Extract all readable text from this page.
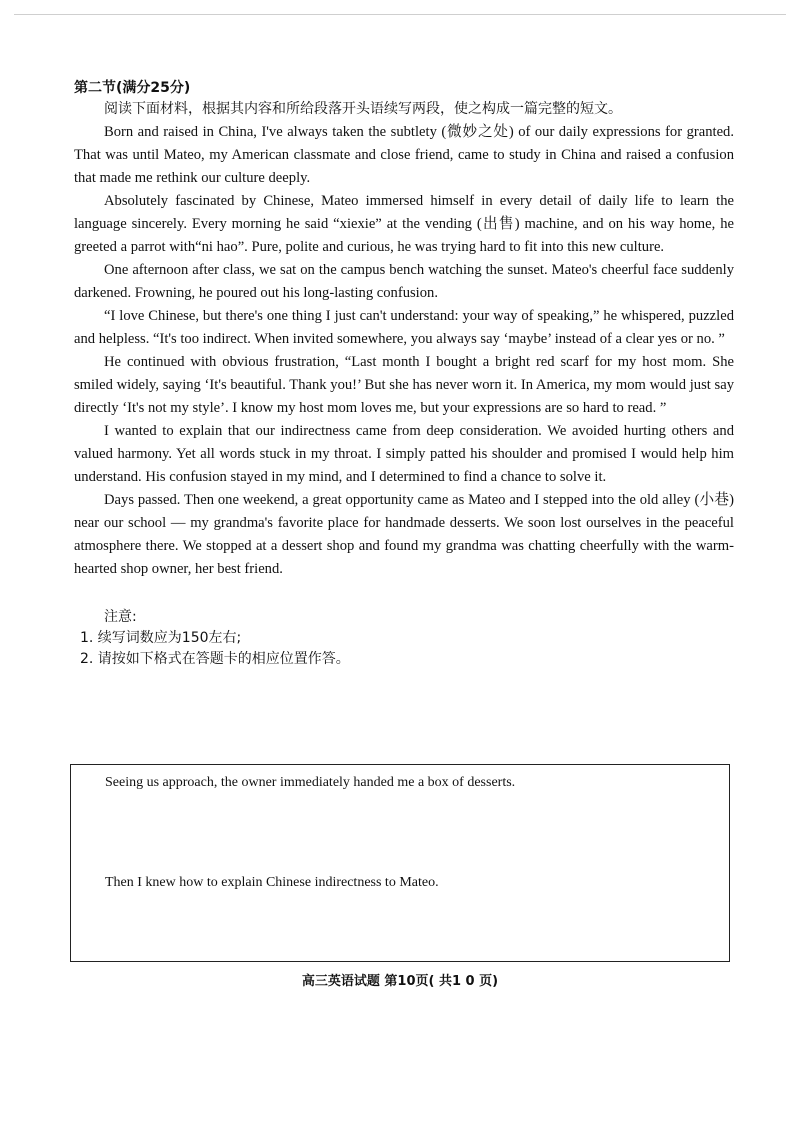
第二节(满分25分)

阅读下面材料，根据其内容和所给段落开头语续写两段，使之构成一篇完整的短文。

Born and raised in China, I've always taken the subtlety (微妙之处) of our daily expressions for granted. That was until Mateo, my American classmate and close friend, came to study in China and raised a confusion that made me rethink our culture deeply.

Absolutely fascinated by Chinese, Mateo immersed himself in every detail of daily life to learn the language sincerely. Every morning he said “xiexie” at the vending (出售) machine, and on his way home, he greeted a parrot with“ni hao”. Pure, polite and curious, he was trying hard to fit into this new culture.

One afternoon after class, we sat on the campus bench watching the sunset. Mateo's cheerful face suddenly darkened. Frowning, he poured out his long-lasting confusion.

“I love Chinese, but there's one thing I just can't understand: your way of speaking,” he whispered, puzzled and helpless. “It's too indirect. When invited somewhere, you always say ‘maybe’ instead of a clear yes or no. ”

He continued with obvious frustration, “Last month I bought a bright red scarf for my host mom. She smiled widely, saying ‘It's beautiful. Thank you!’ But she has never worn it. In America, my mom would just say directly ‘It's not my style’. I know my host mom loves me, but your expressions are so hard to read. ”

I wanted to explain that our indirectness came from deep consideration. We avoided hurting others and valued harmony. Yet all words stuck in my throat. I simply patted his shoulder and promised I would help him understand. His confusion stayed in my mind, and I determined to find a chance to solve it.

Days passed. Then one weekend, a great opportunity came as Mateo and I stepped into the old alley (小巷) near our school — my grandma's favorite place for handmade desserts. We soon lost ourselves in the peaceful atmosphere there. We stopped at a dessert shop and found my grandma was chatting cheerfully with the warm-hearted shop owner, her best friend.

注意:

1. 续写词数应为150左右;

2. 请按如下格式在答题卡的相应位置作答。

Seeing us approach, the owner immediately handed me a box of desserts.
Then I knew how to explain Chinese indirectness to Mateo.

高三英语试题 第10页( 共1 0 页)
